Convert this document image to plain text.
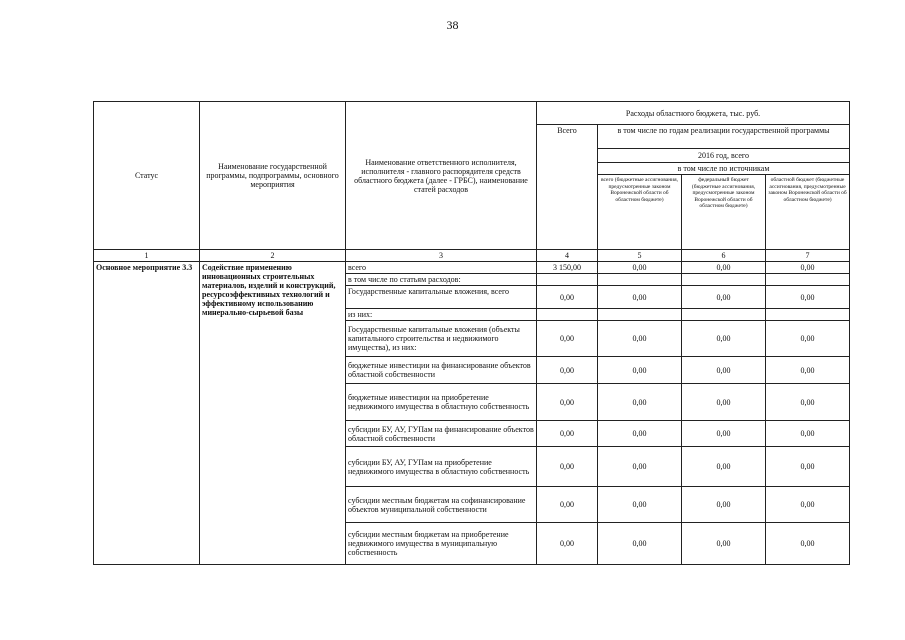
38
Статус	Наименование государственной программы, подпрограммы, основного мероприятия	Наименование ответственного исполнителя, исполнителя - главного распорядителя средств областного бюджета (далее - ГРБС), наименование статей расходов	Расходы областного бюджета, тыс. руб.			
			Всего	в том числе по годам реализации государственной программы		
				2016 год, всего		
				в том числе по источникам		
				всего (бюджетные ассигнования, предусмотренные законом Воронежской области об областном бюджете)	федеральный бюджет (бюджетные ассигнования, предусмотренные законом Воронежской области об областном бюджете)	областной бюджет (бюджетные ассигнования, предусмотренные законом Воронежской области об областном бюджете)
1	2	3	4	5	6	7
Основное мероприятие 3.3	Содействие применению инновационных строительных материалов, изделий и конструкций, ресурсоэффективных технологий и эффективному использованию минерально-сырьевой базы	всего	3 150,00	0,00	0,00	0,00
		в том числе по статьям расходов:				
		Государственные капитальные вложения, всего	0,00	0,00	0,00	0,00
		из них:				
		Государственные капитальные вложения (объекты капитального строительства и недвижимого имущества), из них:	0,00	0,00	0,00	0,00
		бюджетные инвестиции на финансирование объектов областной собственности	0,00	0,00	0,00	0,00
		бюджетные инвестиции на приобретение недвижимого имущества в областную собственность	0,00	0,00	0,00	0,00
		субсидии БУ, АУ, ГУПам на финансирование объектов областной собственности	0,00	0,00	0,00	0,00
		субсидии БУ, АУ, ГУПам на приобретение недвижимого имущества в областную собственность	0,00	0,00	0,00	0,00
		субсидии местным бюджетам на софинансирование объектов муниципальной собственности	0,00	0,00	0,00	0,00
		субсидии местным бюджетам на приобретение недвижимого имущества в муниципальную собственность	0,00	0,00	0,00	0,00
